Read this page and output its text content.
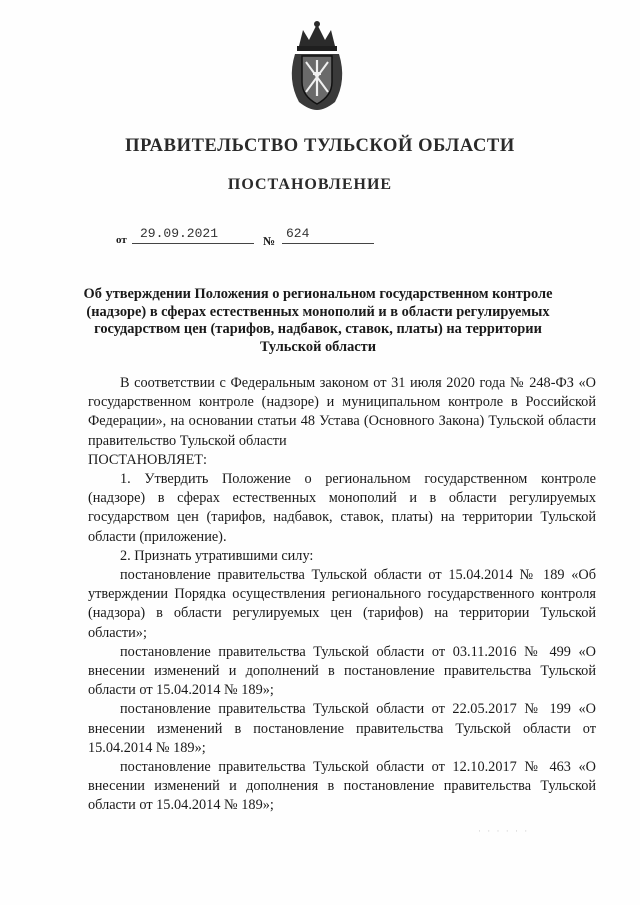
ПРАВИТЕЛЬСТВО ТУЛЬСКОЙ ОБЛАСТИ
ПОСТАНОВЛЕНИЕ
от 29.09.2021	№ 624
Об утверждении Положения о региональном государственном контроле (надзоре) в сферах естественных монополий и в области регулируемых государством цен (тарифов, надбавок, ставок, платы) на территории Тульской области

В соответствии с Федеральным законом от 31 июля 2020 года № 248-ФЗ «О государственном контроле (надзоре) и муниципальном контроле в Российской Федерации», на основании статьи 48 Устава (Основного Закона) Тульской области правительство Тульской области

ПОСТАНОВЛЯЕТ:

1. Утвердить Положение о региональном государственном контроле (надзоре) в сферах естественных монополий и в области регулируемых государством цен (тарифов, надбавок, ставок, платы) на территории Тульской области (приложение).

2. Признать утратившими силу:

постановление правительства Тульской области от 15.04.2014 № 189 «Об утверждении Порядка осуществления регионального государственного контроля (надзора) в области регулируемых цен (тарифов) на территории Тульской области»;

постановление правительства Тульской области от 03.11.2016 № 499 «О внесении изменений и дополнений в постановление правительства Тульской области от 15.04.2014 № 189»;

постановление правительства Тульской области от 22.05.2017 № 199 «О внесении изменений в постановление правительства Тульской области от 15.04.2014 № 189»;

постановление правительства Тульской области от 12.10.2017 № 463 «О внесении изменений и дополнения в постановление правительства Тульской области от 15.04.2014 № 189»;

· · · · · ·
